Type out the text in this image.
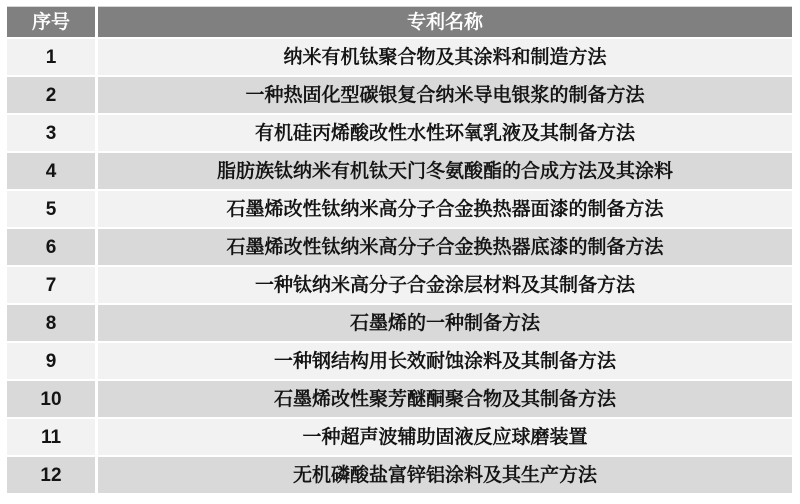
序号	专利名称
1	纳米有机钛聚合物及其涂料和制造方法
2	一种热固化型碳银复合纳米导电银浆的制备方法
3	有机硅丙烯酸改性水性环氧乳液及其制备方法
4	脂肪族钛纳米有机钛天门冬氨酸酯的合成方法及其涂料
5	石墨烯改性钛纳米高分子合金换热器面漆的制备方法
6	石墨烯改性钛纳米高分子合金换热器底漆的制备方法
7	一种钛纳米高分子合金涂层材料及其制备方法
8	石墨烯的一种制备方法
9	一种钢结构用长效耐蚀涂料及其制备方法
10	石墨烯改性聚芳醚酮聚合物及其制备方法
11	一种超声波辅助固液反应球磨装置
12	无机磷酸盐富锌铝涂料及其生产方法
